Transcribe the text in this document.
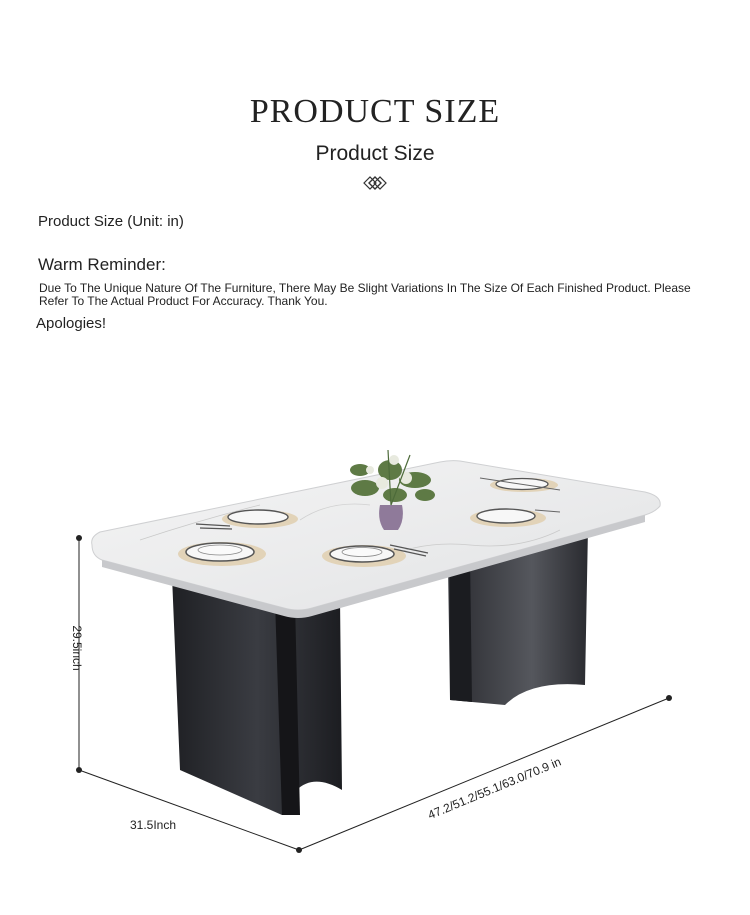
PRODUCT SIZE
Product Size
Product Size (Unit: in)
Warm Reminder:
Due To The Unique Nature Of The Furniture, There May Be Slight Variations In The Size Of Each Finished Product. Please Refer To The Actual Product For Accuracy. Thank You.
Apologies!
29.5inch
31.5Inch
47.2/51.2/55.1/63.0/70.9 in
